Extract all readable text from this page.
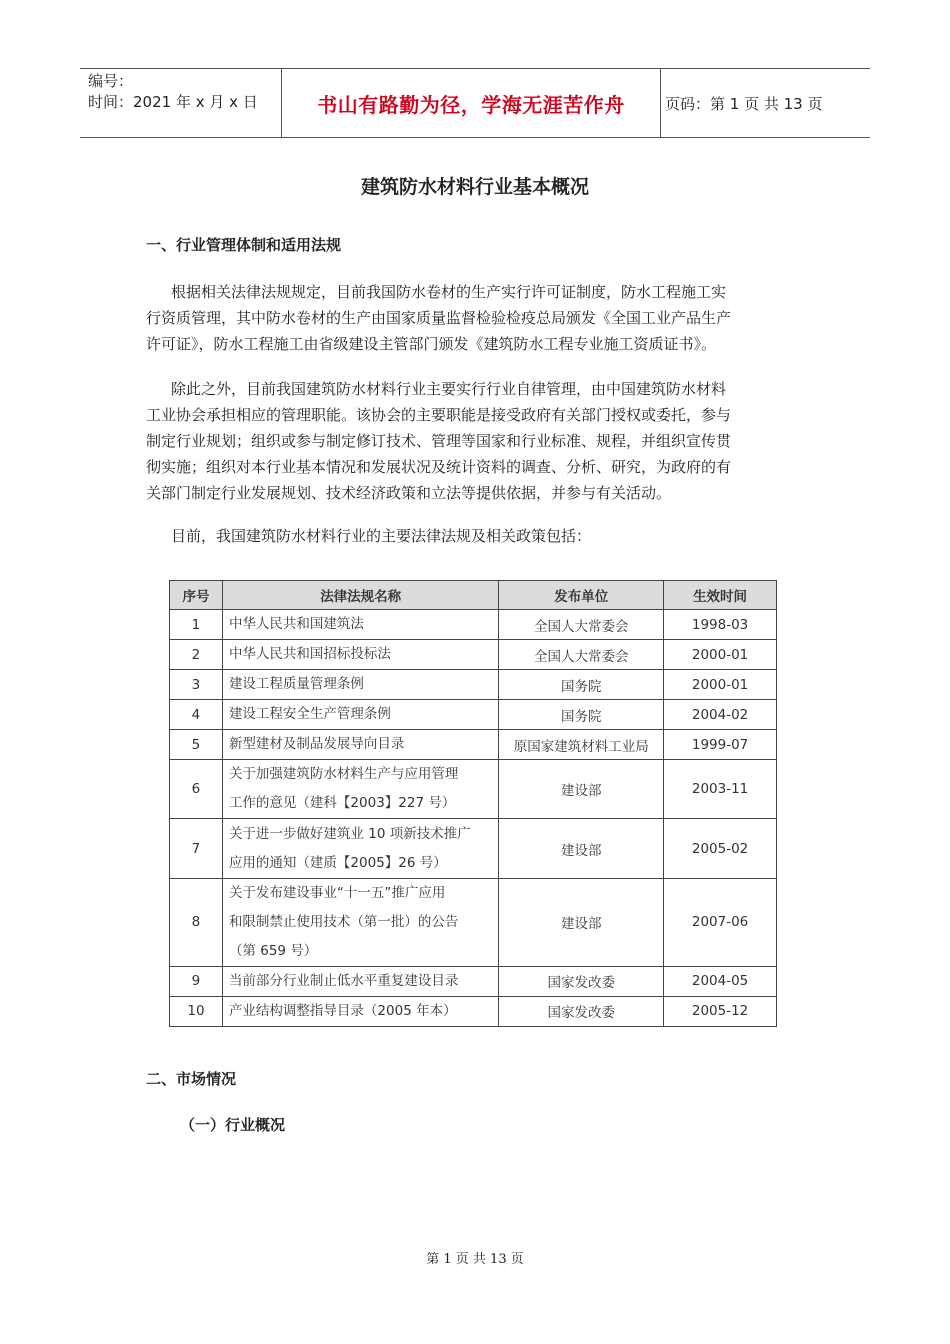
编号：
时间：2021 年 x 月 x 日	书山有路勤为径，学海无涯苦作舟	页码：第 1 页 共 13 页
建筑防水材料行业基本概况
一、行业管理体制和适用法规
根据相关法律法规规定，目前我国防水卷材的生产实行许可证制度，防水工程施工实
行资质管理，其中防水卷材的生产由国家质量监督检验检疫总局颁发《全国工业产品生产
许可证》，防水工程施工由省级建设主管部门颁发《建筑防水工程专业施工资质证书》。
除此之外，目前我国建筑防水材料行业主要实行行业自律管理，由中国建筑防水材料
工业协会承担相应的管理职能。该协会的主要职能是接受政府有关部门授权或委托，参与
制定行业规划；组织或参与制定修订技术、管理等国家和行业标准、规程，并组织宣传贯
彻实施；组织对本行业基本情况和发展状况及统计资料的调查、分析、研究，为政府的有
关部门制定行业发展规划、技术经济政策和立法等提供依据，并参与有关活动。
目前，我国建筑防水材料行业的主要法律法规及相关政策包括：
序号	法律法规名称	发布单位	生效时间
1	中华人民共和国建筑法	全国人大常委会	1998-03
2	中华人民共和国招标投标法	全国人大常委会	2000-01
3	建设工程质量管理条例	国务院	2000-01
4	建设工程安全生产管理条例	国务院	2004-02
5	新型建材及制品发展导向目录	原国家建筑材料工业局	1999-07
6	关于加强建筑防水材料生产与应用管理
工作的意见（建科【2003】227 号）	建设部	2003-11
7	关于进一步做好建筑业 10 项新技术推广
应用的通知（建质【2005】26 号）	建设部	2005-02
8	关于发布建设事业“十一五”推广应用
和限制禁止使用技术（第一批）的公告
（第 659 号）	建设部	2007-06
9	当前部分行业制止低水平重复建设目录	国家发改委	2004-05
10	产业结构调整指导目录（2005 年本）	国家发改委	2005-12
二、市场情况
（一）行业概况
第 1 页 共 13 页
